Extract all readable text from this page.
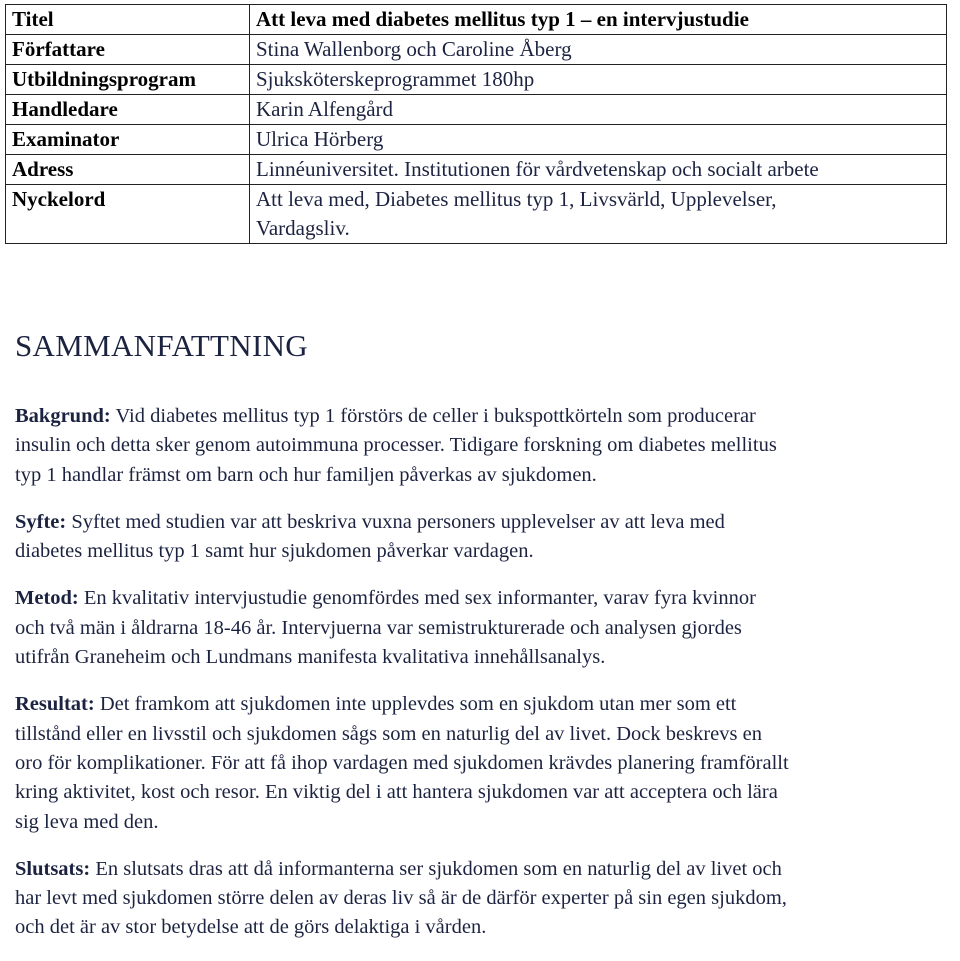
Titel	Att leva med diabetes mellitus typ 1 – en intervjustudie
Författare	Stina Wallenborg och Caroline Åberg
Utbildningsprogram	Sjuksköterskeprogrammet 180hp
Handledare	Karin Alfengård
Examinator	Ulrica Hörberg
Adress	Linnéuniversitet. Institutionen för vårdvetenskap och socialt arbete
Nyckelord	Att leva med, Diabetes mellitus typ 1, Livsvärld, Upplevelser,
Vardagsliv.
SAMMANFATTNING

Bakgrund: Vid diabetes mellitus typ 1 förstörs de celler i bukspottkörteln som producerar
insulin och detta sker genom autoimmuna processer. Tidigare forskning om diabetes mellitus
typ 1 handlar främst om barn och hur familjen påverkas av sjukdomen.

Syfte: Syftet med studien var att beskriva vuxna personers upplevelser av att leva med
diabetes mellitus typ 1 samt hur sjukdomen påverkar vardagen.

Metod: En kvalitativ intervjustudie genomfördes med sex informanter, varav fyra kvinnor
och två män i åldrarna 18-46 år. Intervjuerna var semistrukturerade och analysen gjordes
utifrån Graneheim och Lundmans manifesta kvalitativa innehållsanalys.

Resultat: Det framkom att sjukdomen inte upplevdes som en sjukdom utan mer som ett
tillstånd eller en livsstil och sjukdomen sågs som en naturlig del av livet. Dock beskrevs en
oro för komplikationer. För att få ihop vardagen med sjukdomen krävdes planering framförallt
kring aktivitet, kost och resor. En viktig del i att hantera sjukdomen var att acceptera och lära
sig leva med den.

Slutsats: En slutsats dras att då informanterna ser sjukdomen som en naturlig del av livet och
har levt med sjukdomen större delen av deras liv så är de därför experter på sin egen sjukdom,
och det är av stor betydelse att de görs delaktiga i vården.
